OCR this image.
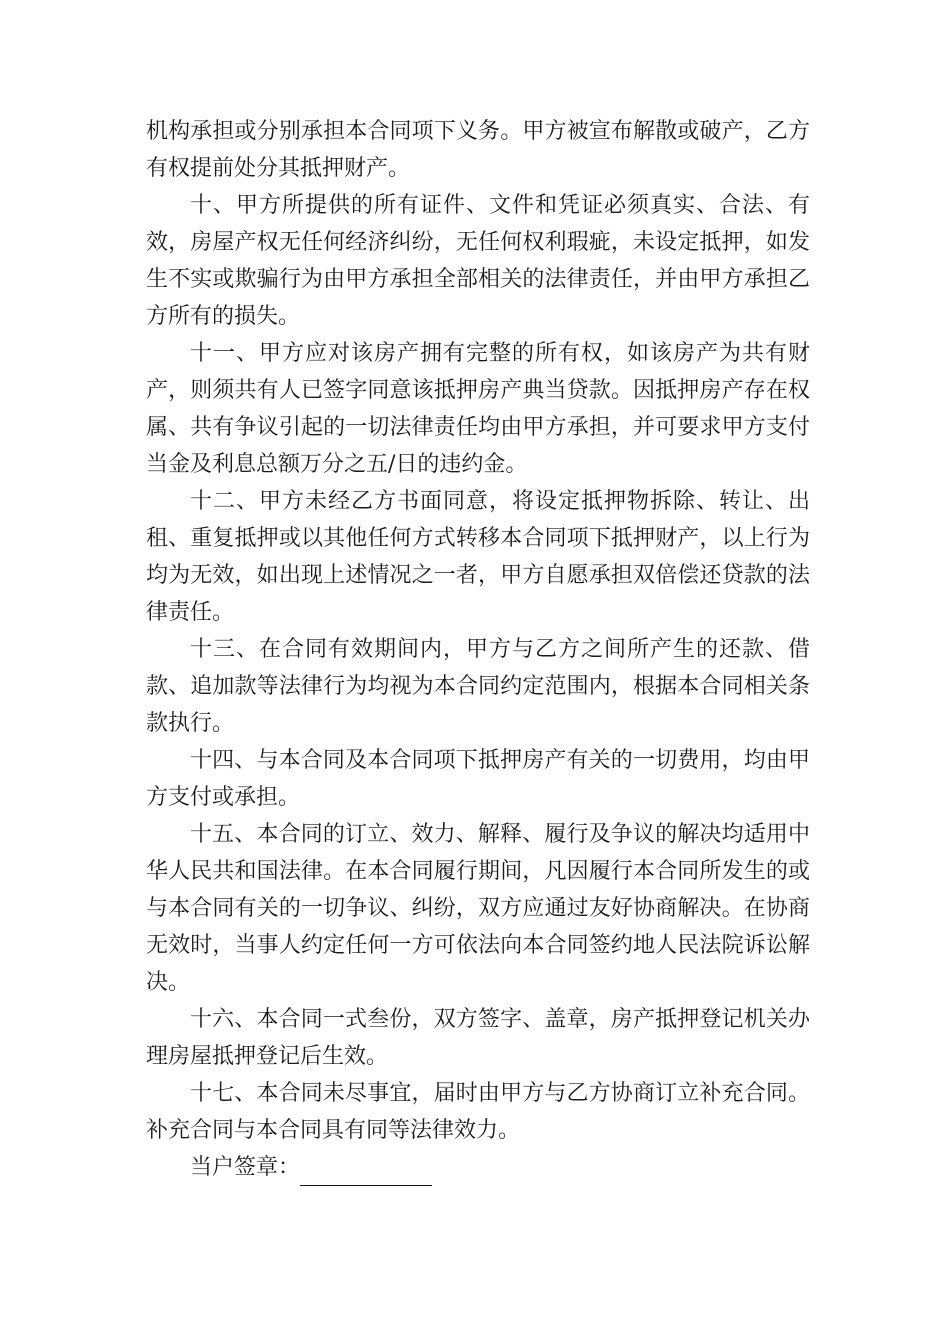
机构承担或分别承担本合同项下义务。甲方被宣布解散或破产，乙方有权提前处分其抵押财产。

十、甲方所提供的所有证件、文件和凭证必须真实、合法、有效，房屋产权无任何经济纠纷，无任何权利瑕疵，未设定抵押，如发生不实或欺骗行为由甲方承担全部相关的法律责任，并由甲方承担乙方所有的损失。

十一、甲方应对该房产拥有完整的所有权，如该房产为共有财产，则须共有人已签字同意该抵押房产典当贷款。因抵押房产存在权属、共有争议引起的一切法律责任均由甲方承担，并可要求甲方支付当金及利息总额万分之五/日的违约金。

十二、甲方未经乙方书面同意，将设定抵押物拆除、转让、出租、重复抵押或以其他任何方式转移本合同项下抵押财产，以上行为均为无效，如出现上述情况之一者，甲方自愿承担双倍偿还贷款的法律责任。

十三、在合同有效期间内，甲方与乙方之间所产生的还款、借款、追加款等法律行为均视为本合同约定范围内，根据本合同相关条款执行。

十四、与本合同及本合同项下抵押房产有关的一切费用，均由甲方支付或承担。

十五、本合同的订立、效力、解释、履行及争议的解决均适用中华人民共和国法律。在本合同履行期间，凡因履行本合同所发生的或与本合同有关的一切争议、纠纷，双方应通过友好协商解决。在协商无效时，当事人约定任何一方可依法向本合同签约地人民法院诉讼解决。

十六、本合同一式叁份，双方签字、盖章，房产抵押登记机关办理房屋抵押登记后生效。

十七、本合同未尽事宜，届时由甲方与乙方协商订立补充合同。补充合同与本合同具有同等法律效力。

当户签章：
